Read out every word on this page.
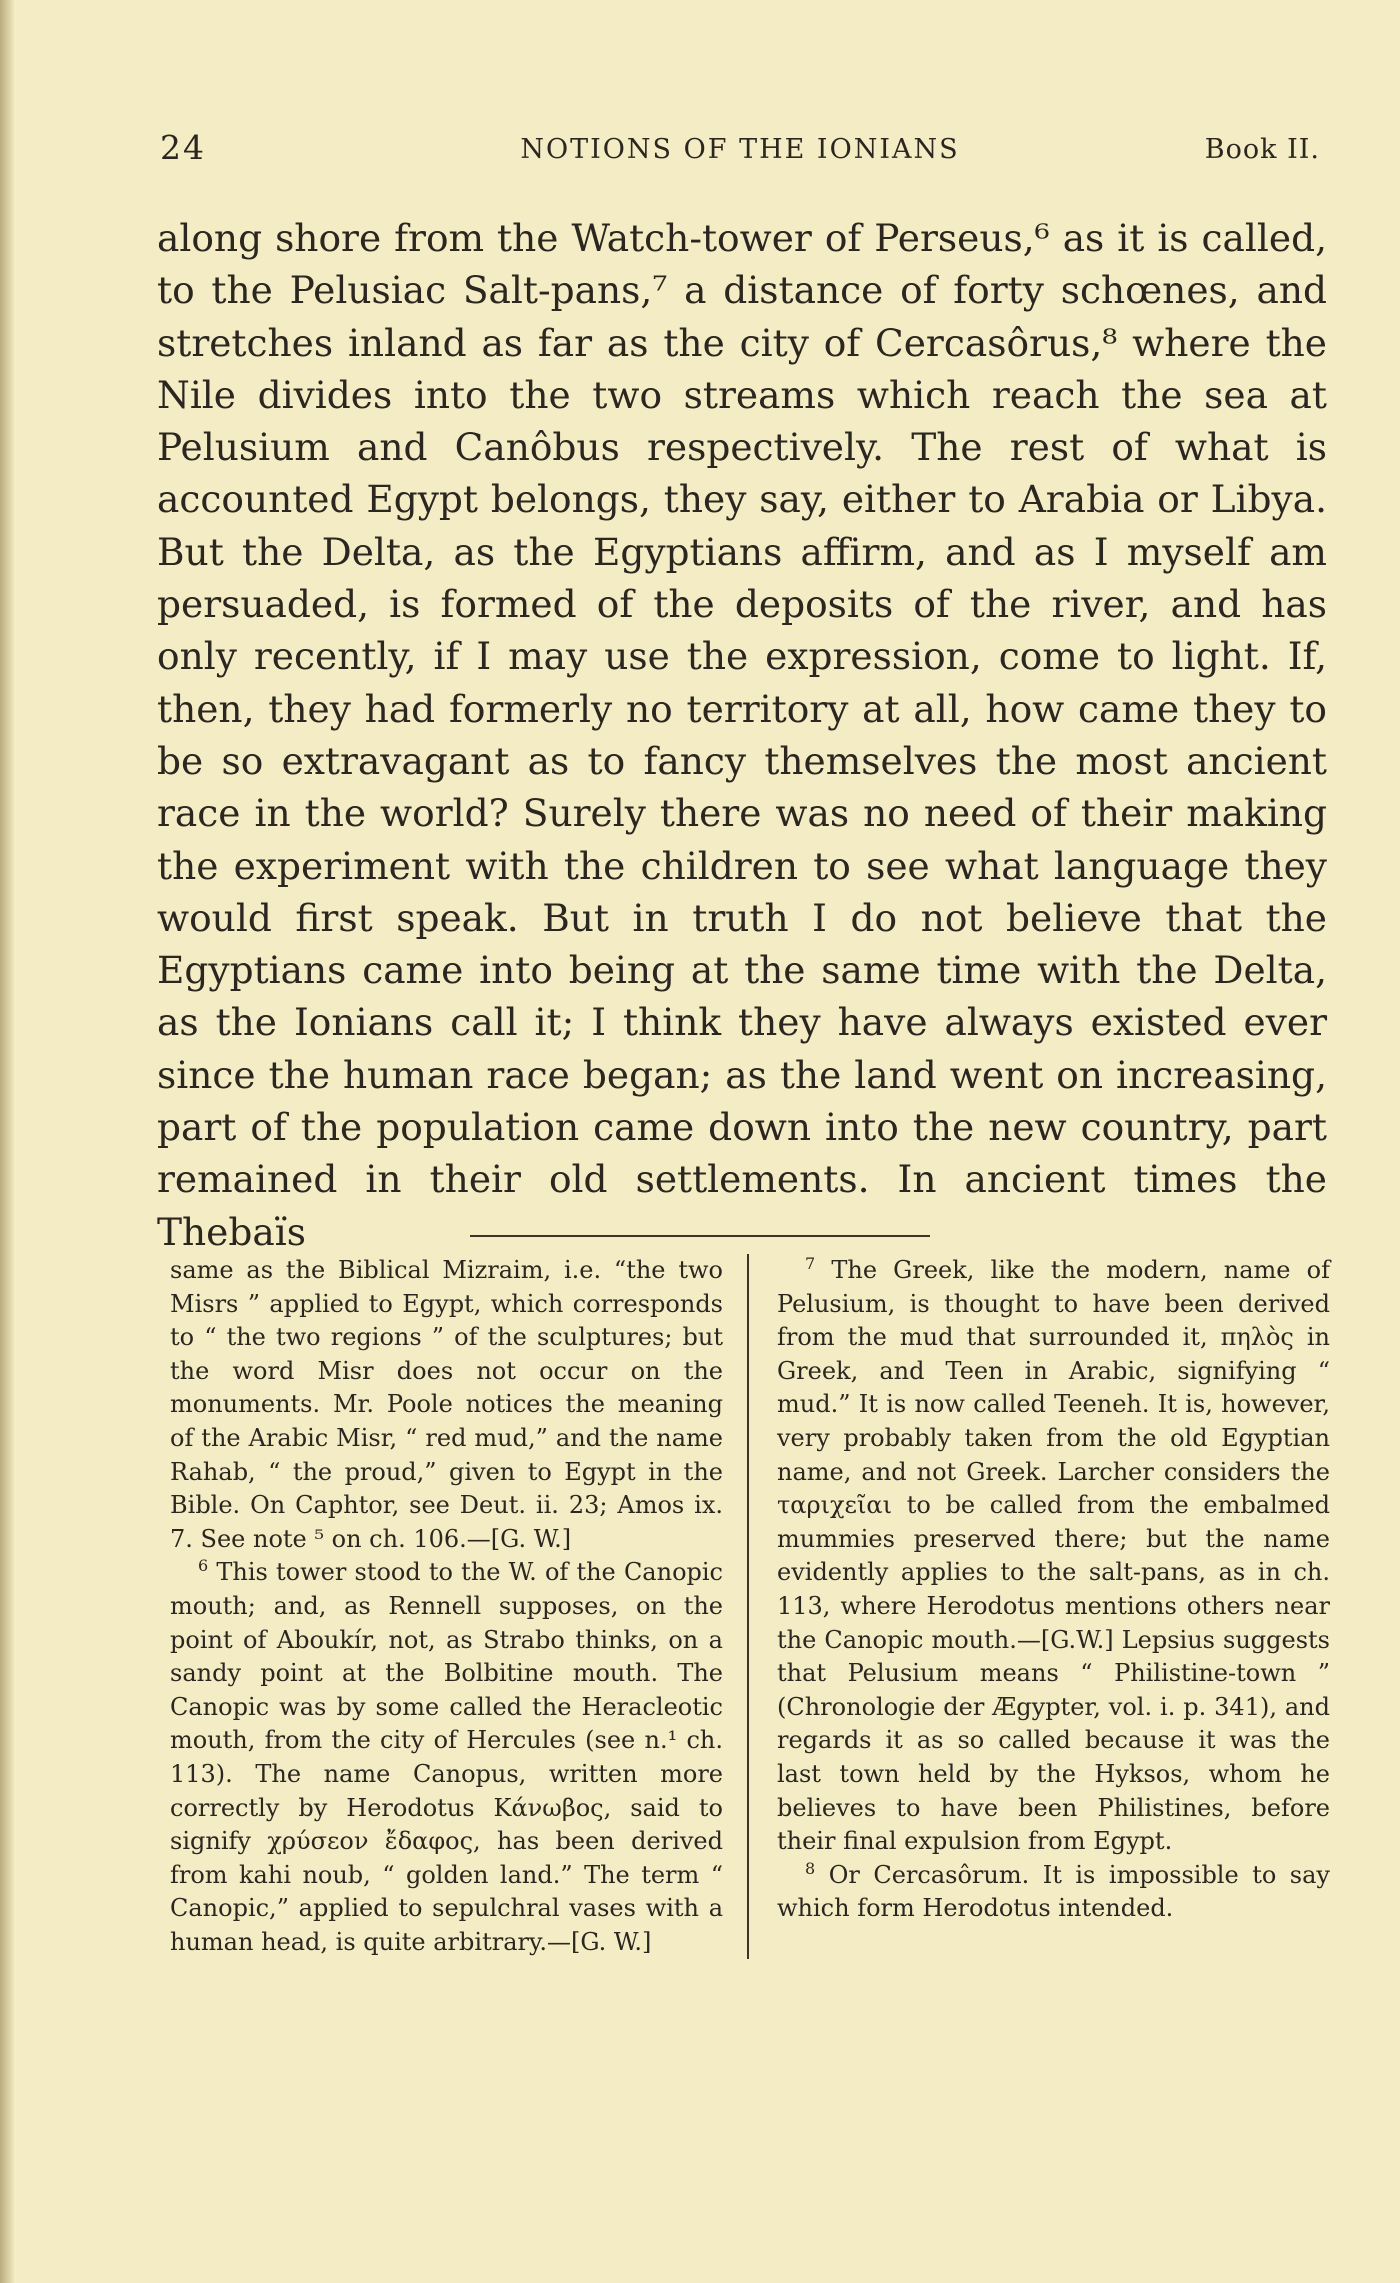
24	NOTIONS OF THE IONIANS	Book II.

along shore from the Watch-tower of Perseus,⁶ as it is called, to the Pelusiac Salt-pans,⁷ a distance of forty schœnes, and stretches inland as far as the city of Cercasôrus,⁸ where the Nile divides into the two streams which reach the sea at Pelusium and Canôbus respectively. The rest of what is accounted Egypt belongs, they say, either to Arabia or Libya. But the Delta, as the Egyptians affirm, and as I myself am persuaded, is formed of the deposits of the river, and has only recently, if I may use the expression, come to light. If, then, they had formerly no territory at all, how came they to be so extravagant as to fancy themselves the most ancient race in the world? Surely there was no need of their making the experiment with the children to see what language they would first speak. But in truth I do not believe that the Egyptians came into being at the same time with the Delta, as the Ionians call it; I think they have always existed ever since the human race began; as the land went on increasing, part of the population came down into the new country, part remained in their old settlements. In ancient times the Thebaïs

same as the Biblical Mizraim, i.e. “the two Misrs ” applied to Egypt, which corresponds to “ the two regions ” of the sculptures; but the word Misr does not occur on the monuments. Mr. Poole notices the meaning of the Arabic Misr, “ red mud,” and the name Rahab, “ the proud,” given to Egypt in the Bible. On Caphtor, see Deut. ii. 23; Amos ix. 7. See note ⁵ on ch. 106.—[G. W.]

$^6$ This tower stood to the W. of the Canopic mouth; and, as Rennell supposes, on the point of Aboukír, not, as Strabo thinks, on a sandy point at the Bolbitine mouth. The Canopic was by some called the Heracleotic mouth, from the city of Hercules (see n.¹ ch. 113). The name Canopus, written more correctly by Herodotus Κάνωβος, said to signify χρύσεον ἔδαφος, has been derived from kahi noub, “ golden land.” The term “ Canopic,” applied to sepulchral vases with a human head, is quite arbitrary.—[G. W.]

$^7$ The Greek, like the modern, name of Pelusium, is thought to have been derived from the mud that surrounded it, πηλὸς in Greek, and Teen in Arabic, signifying “ mud.” It is now called Teeneh. It is, however, very probably taken from the old Egyptian name, and not Greek. Larcher considers the ταριχεῖαι to be called from the embalmed mummies preserved there; but the name evidently applies to the salt-pans, as in ch. 113, where Herodotus mentions others near the Canopic mouth.—[G.W.] Lepsius suggests that Pelusium means “ Philistine-town ” (Chronologie der Ægypter, vol. i. p. 341), and regards it as so called because it was the last town held by the Hyksos, whom he believes to have been Philistines, before their final expulsion from Egypt.

$^8$ Or Cercasôrum. It is impossible to say which form Herodotus intended.
